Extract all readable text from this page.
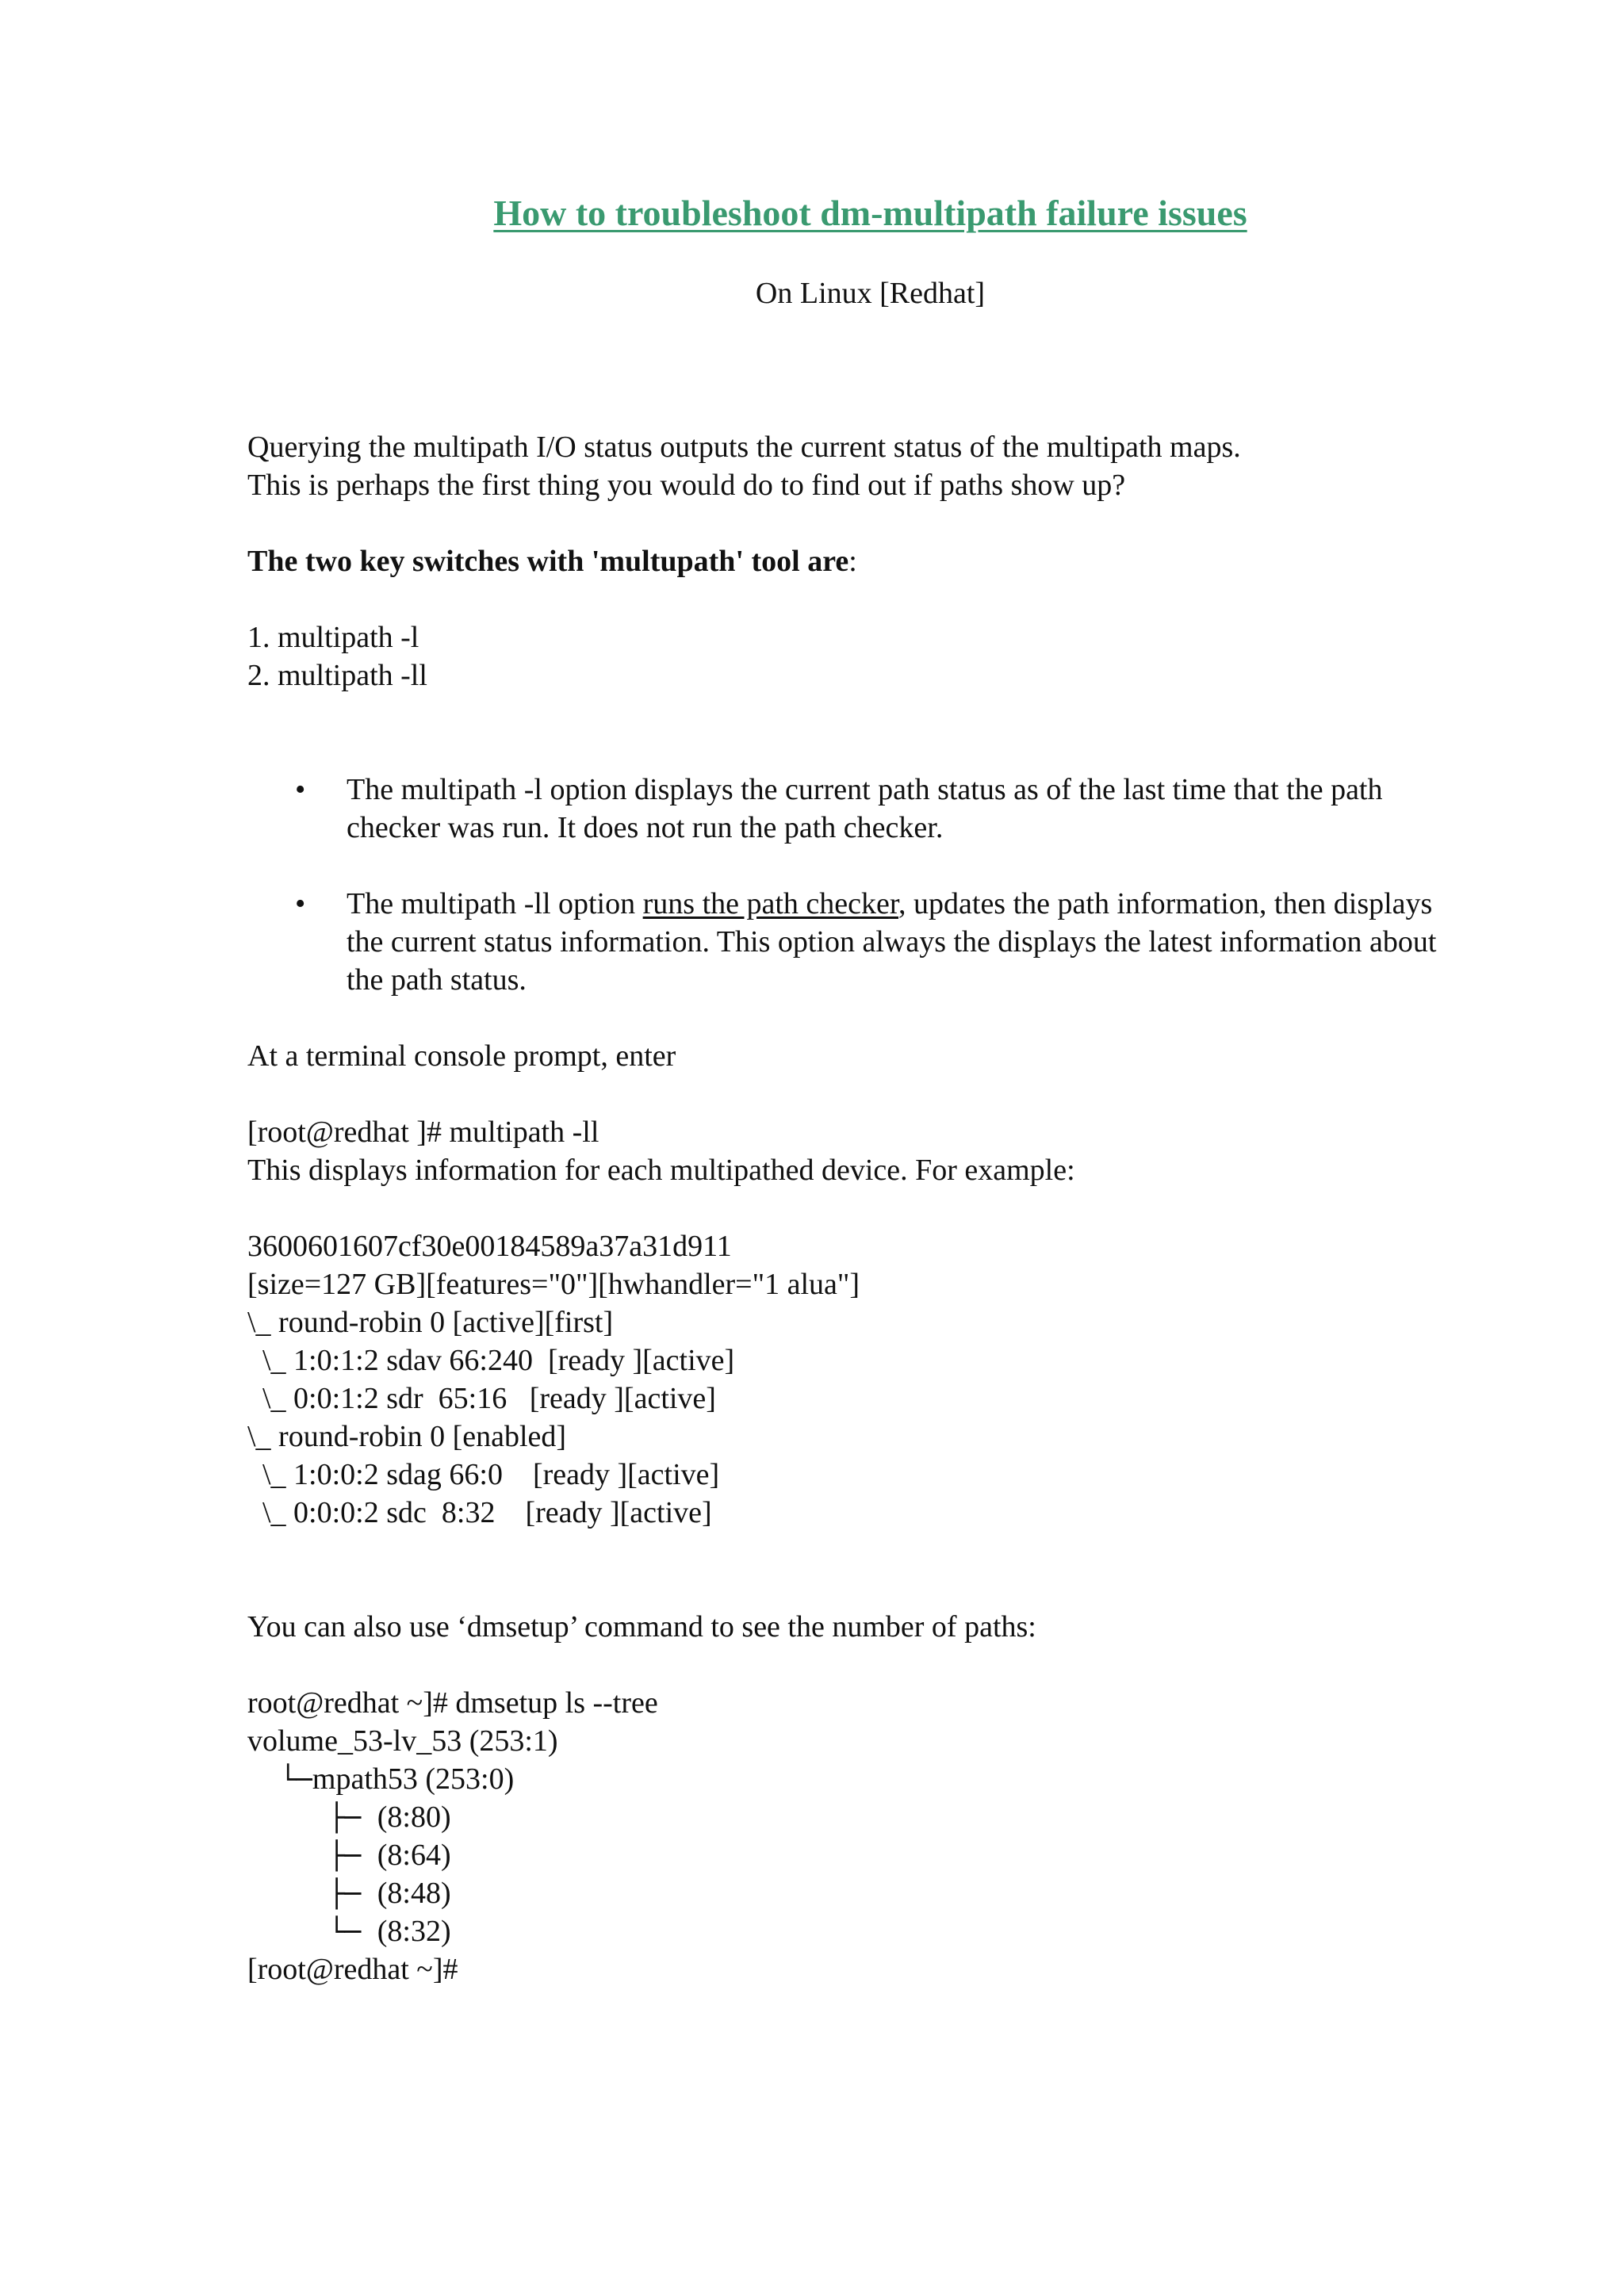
How to troubleshoot dm-multipath failure issues
On Linux [Redhat]
Querying the multipath I/O status outputs the current status of the multipath maps.
This is perhaps the first thing you would do to find out if paths show up?
The two key switches with 'multupath' tool are:
1. multipath -l
2. multipath -ll
• The multipath -l option displays the current path status as of the last time that the path checker was run. It does not run the path checker.
• The multipath -ll option runs the path checker, updates the path information, then displays the current status information. This option always the displays the latest information about the path status.
At a terminal console prompt, enter
[root@redhat ]# multipath -ll
This displays information for each multipathed device. For example:
3600601607cf30e00184589a37a31d911
[size=127 GB][features="0"][hwhandler="1 alua"]
\_ round-robin 0 [active][first]
\_ 1:0:1:2 sdav 66:240  [ready ][active]
\_ 0:0:1:2 sdr  65:16   [ready ][active]
\_ round-robin 0 [enabled]
\_ 1:0:0:2 sdag 66:0    [ready ][active]
\_ 0:0:0:2 sdc  8:32    [ready ][active]
You can also use ‘dmsetup’ command to see the number of paths:
root@redhat ~]# dmsetup ls --tree
volume_53-lv_53 (253:1)
└─mpath53 (253:0)
├─ (8:80)
├─ (8:64)
├─ (8:48)
└─ (8:32)
[root@redhat ~]#
